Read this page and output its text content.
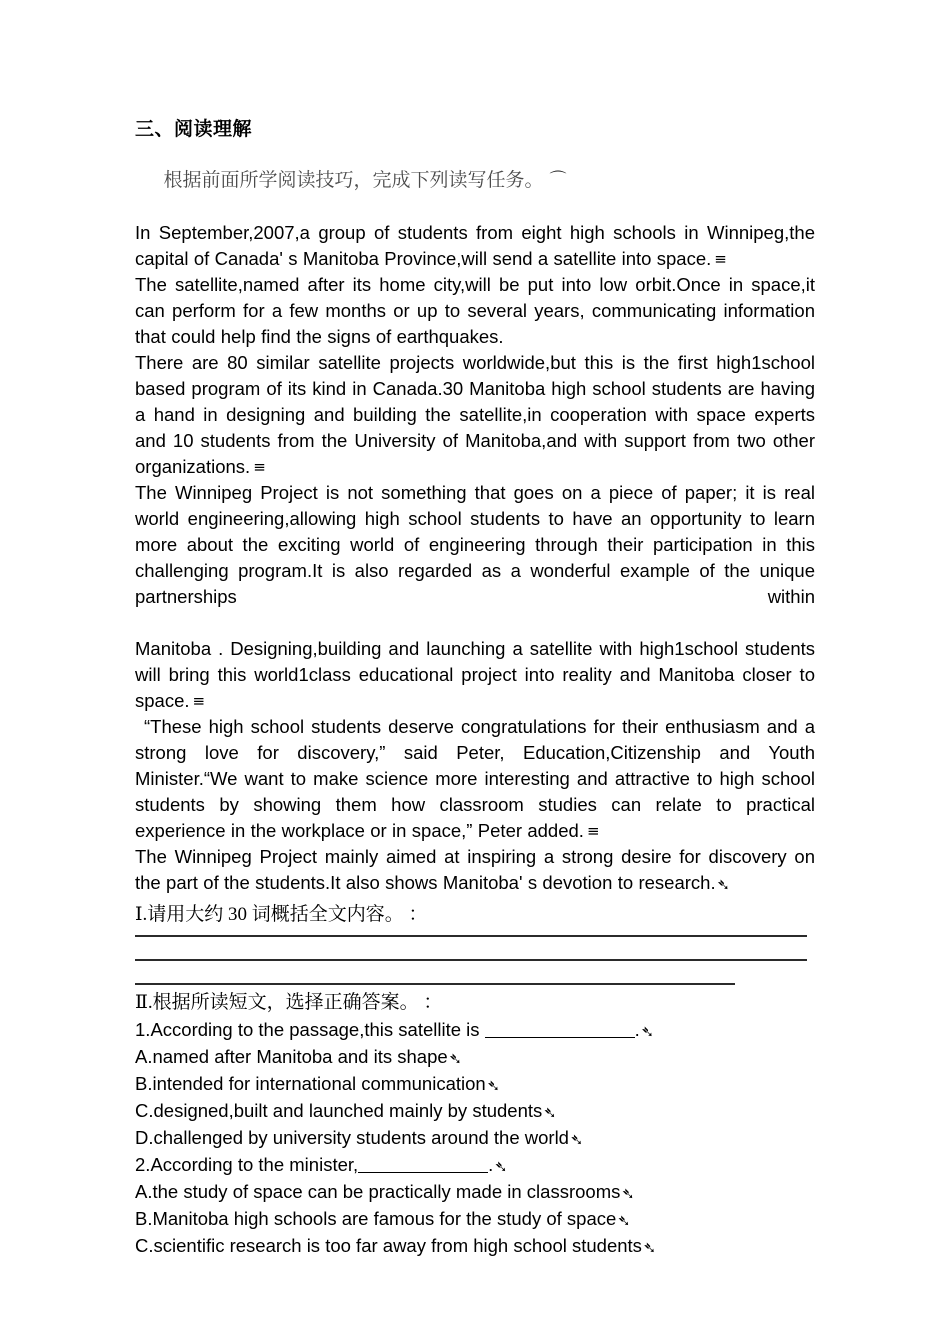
三、阅读理解

根据前面所学阅读技巧，完成下列读写任务。 ⌒

In September,2007,a group of students from eight high schools in Winnipeg,the capital of Canada' s Manitoba Province,will send a satellite into space. ≡

The satellite,named after its home city,will be put into low orbit.Once in space,it can perform for a few months or up to several years, communicating information that could help find the signs of earthquakes.

There are 80 similar satellite projects worldwide,but this is the first high1school based program of its kind in Canada.30 Manitoba high school students are having a hand in designing and building the satellite,in cooperation with space experts and 10 students from the University of Manitoba,and with support from two other organizations. ≡

The Winnipeg Project is not something that goes on a piece of paper; it is real world engineering,allowing high school students to have an opportunity to learn more about the exciting world of engineering through their participation in this challenging program.It is also regarded as a wonderful example of the unique partnerships within

Manitoba . Designing,building and launching a satellite with high1school students will bring this world1class educational project into reality and Manitoba closer to space. ≡

“These high school students deserve congratulations for their enthusiasm and a strong love for discovery,” said Peter, Education,Citizenship and Youth Minister.“We want to make science more interesting and attractive to high school students by showing them how classroom studies can relate to practical experience in the workplace or in space,” Peter added. ≡

The Winnipeg Project mainly aimed at inspiring a strong desire for discovery on the part of the students.It also shows Manitoba' s devotion to research.➴

Ⅰ.请用大约 30 词概括全文内容。 ：
Ⅱ.根据所读短文，选择正确答案。 ：

1.According to the passage,this satellite is	.➴

A.named after Manitoba and its shape➴

B.intended for international communication➴

C.designed,built and launched mainly by students➴

D.challenged by university students around the world➴

2.According to the minister,	.➴

A.the study of space can be practically made in classrooms➴

B.Manitoba high schools are famous for the study of space➴

C.scientific research is too far away from high school students➴
